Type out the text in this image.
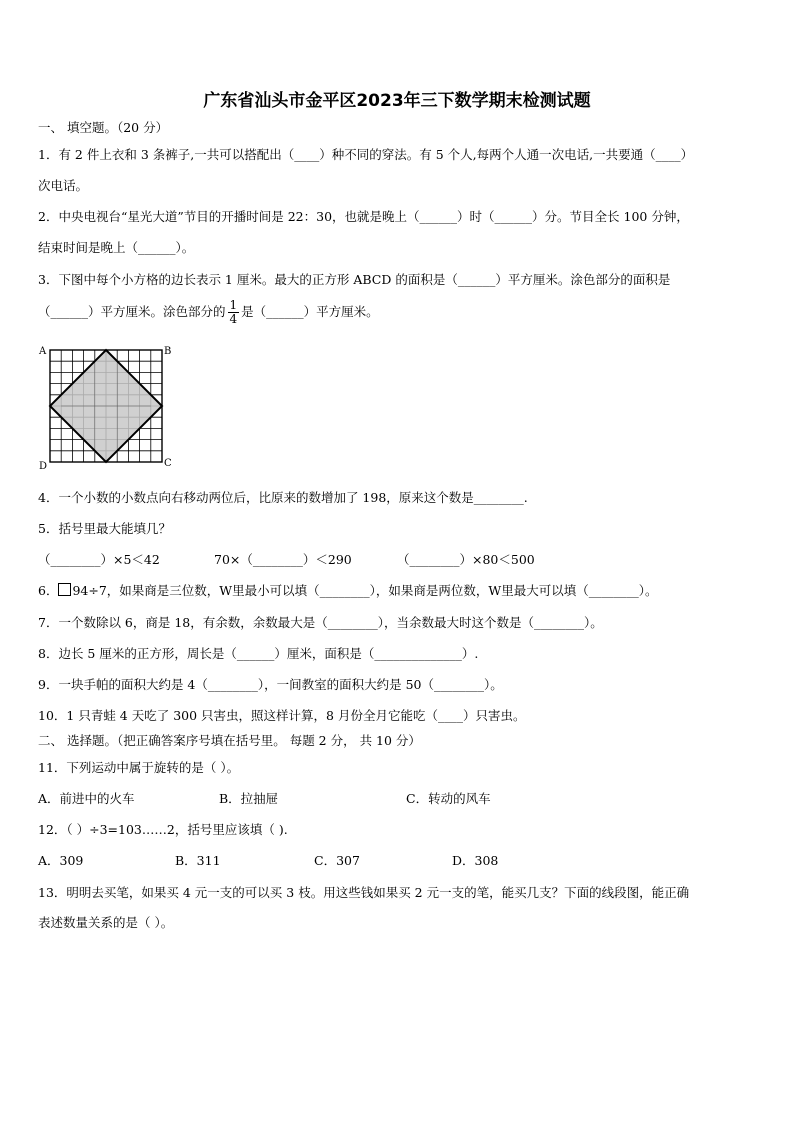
广东省汕头市金平区2023年三下数学期末检测试题
一、 填空题。（20 分）
1．有 2 件上衣和 3 条裤子,一共可以搭配出（____）种不同的穿法。有 5 个人,每两个人通一次电话,一共要通（____）
次电话。
2．中央电视台“星光大道”节目的开播时间是 22：30，也就是晚上（______）时（______）分。节目全长 100 分钟，
结束时间是晚上（______）。
3．下图中每个小方格的边长表示 1 厘米。最大的正方形 ABCD 的面积是（______）平方厘米。涂色部分的面积是
（______）平方厘米。涂色部分的 $\frac{1}{4}$ 是（______）平方厘米。
A	B
C
D
4．一个小数的小数点向右移动两位后，比原来的数增加了 198，原来这个数是________.
5．括号里最大能填几？
（________）×5＜42	70×（________）＜290	（________）×80＜500
6． 94÷7，如果商是三位数，W里最小可以填（________），如果商是两位数，W里最大可以填（________）。
7．一个数除以 6，商是 18，有余数，余数最大是（________），当余数最大时这个数是（________）。
8．边长 5 厘米的正方形，周长是（______）厘米，面积是（______________）.
9．一块手帕的面积大约是 4（________），一间教室的面积大约是 50（________）。
10．1 只青蛙 4 天吃了 300 只害虫，照这样计算，8 月份全月它能吃（____）只害虫。
二、 选择题。（把正确答案序号填在括号里。 每题 2 分， 共 10 分）
11．下列运动中属于旋转的是（ ）。
A．前进中的火车	B．拉抽屉	C．转动的风车
12．（ ）÷3=103……2，括号里应该填（ ).
A．309	B．311	C．307	D．308
13．明明去买笔，如果买 4 元一支的可以买 3 枝。用这些钱如果买 2 元一支的笔，能买几支？下面的线段图，能正确
表述数量关系的是（ ）。
